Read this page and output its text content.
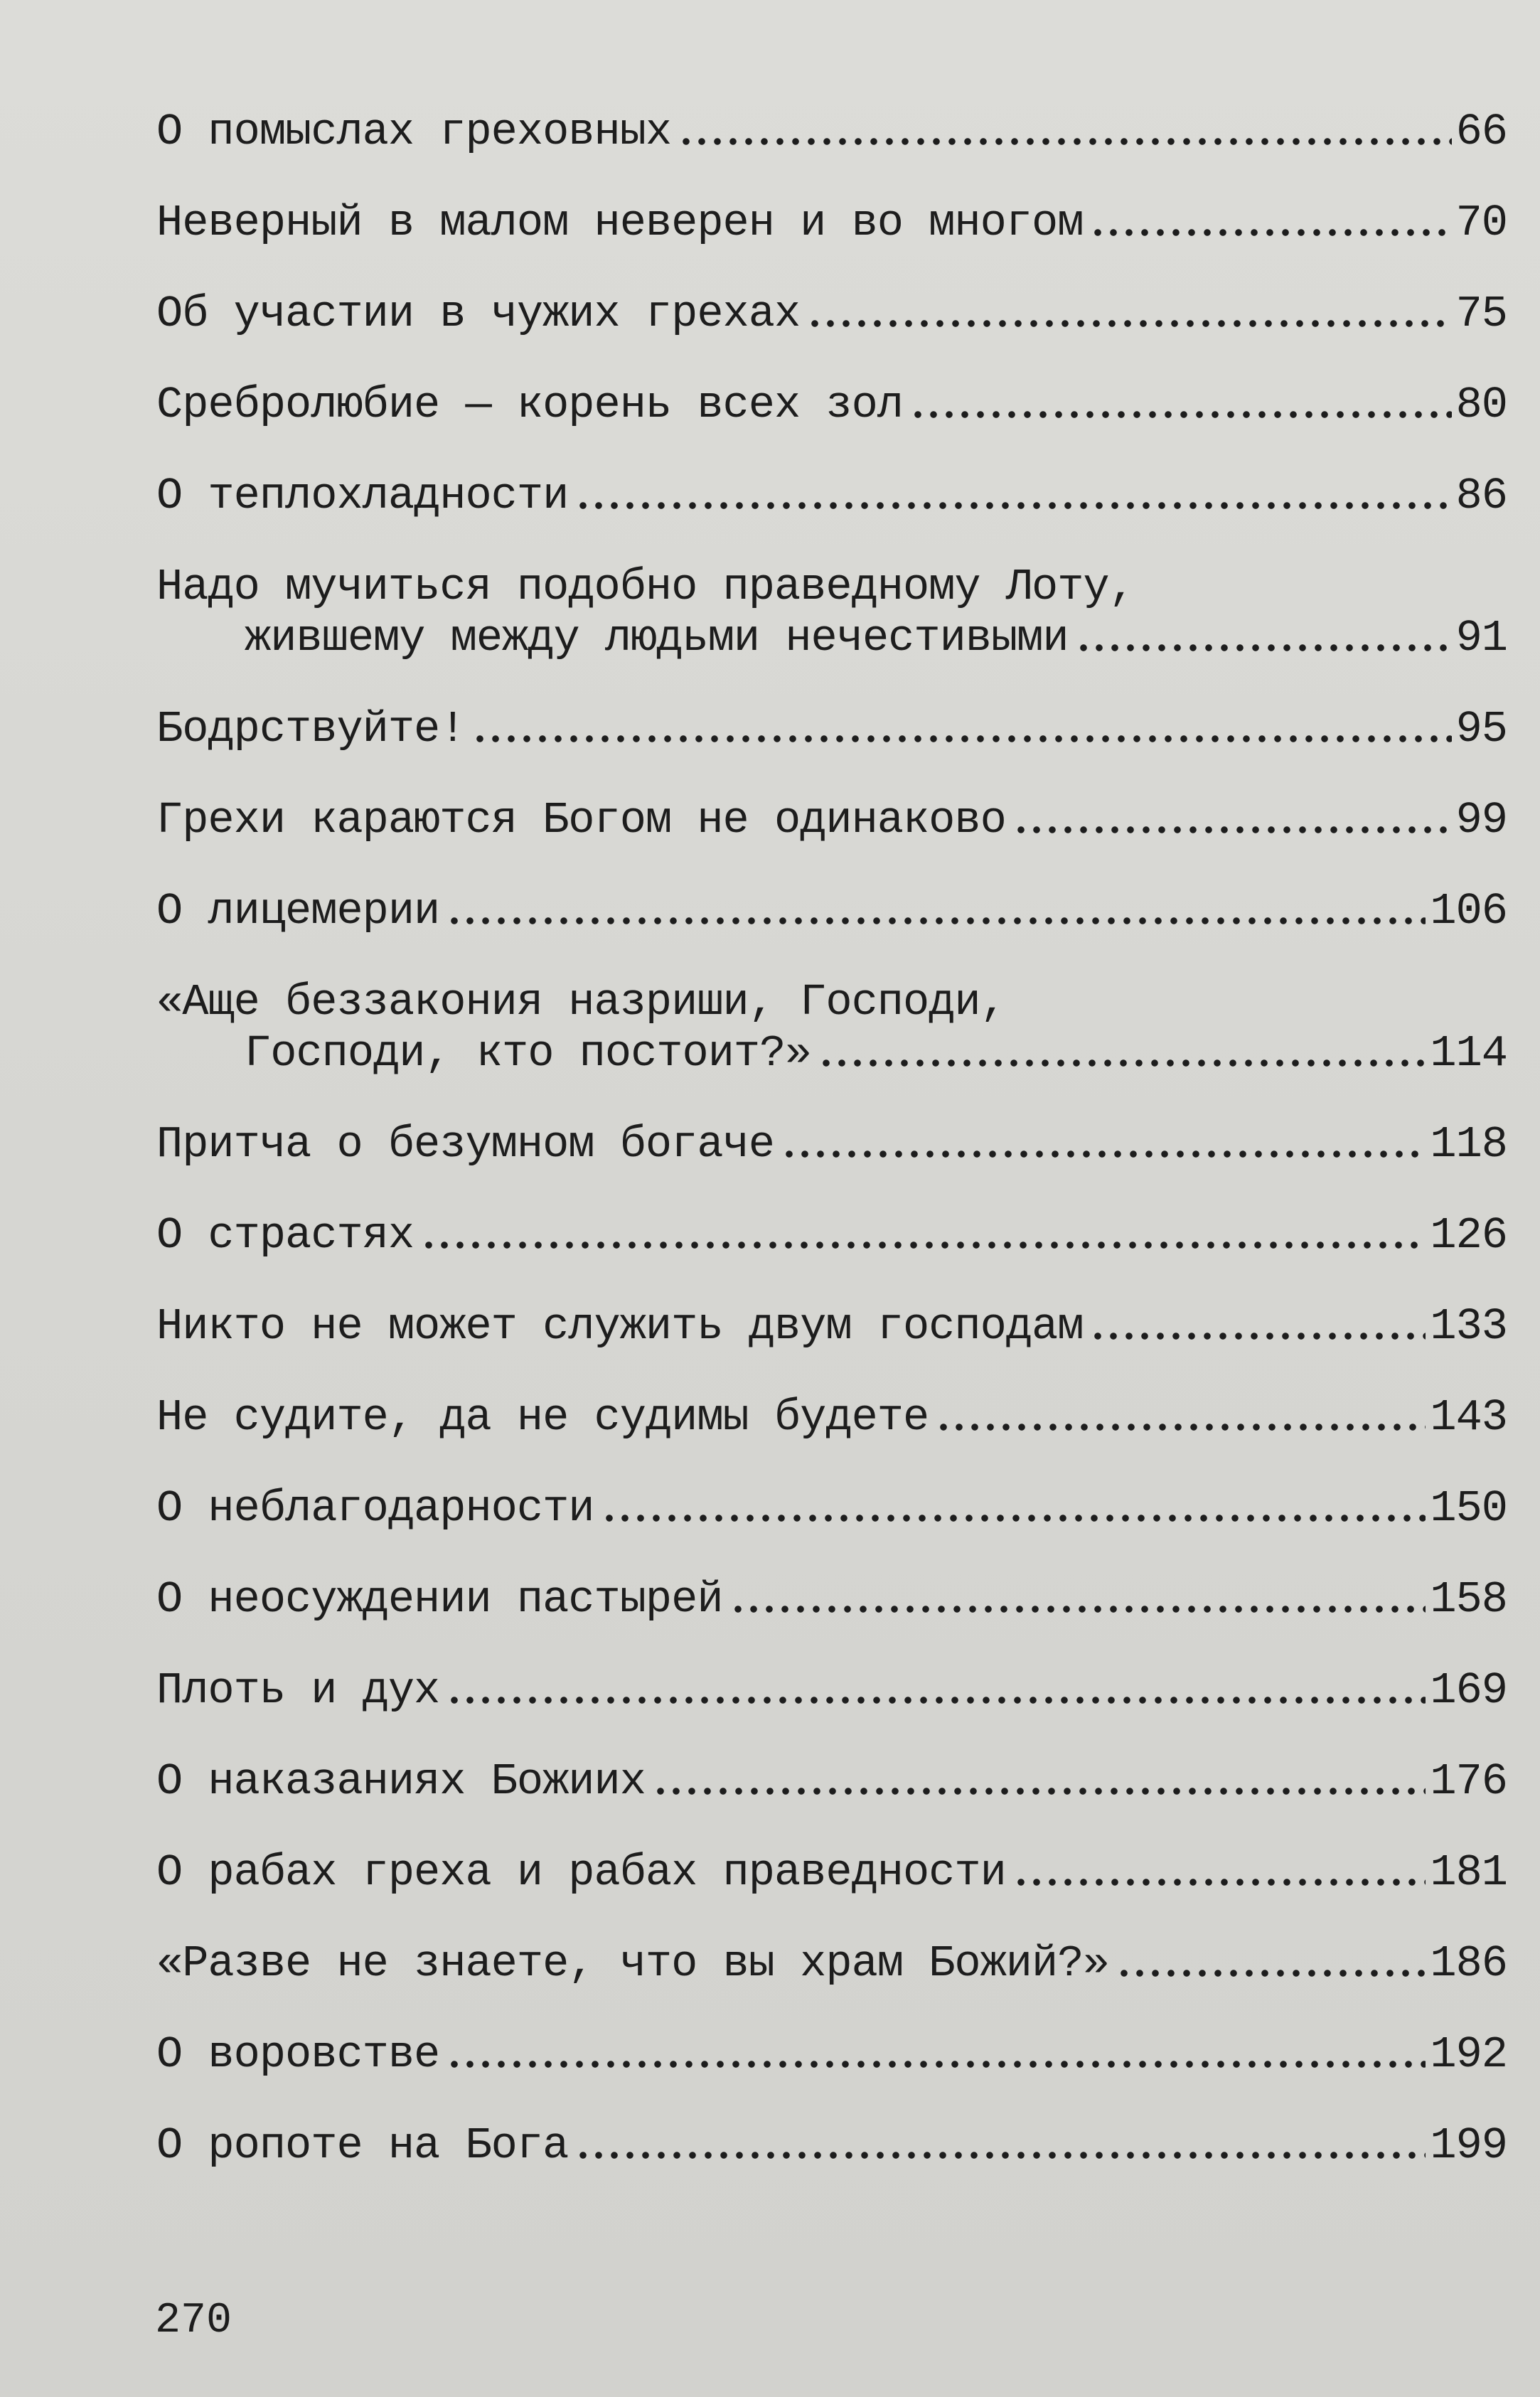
О помыслах греховных	66
Неверный в малом неверен и во многом	70
Об участии в чужих грехах	75
Сребролюбие — корень всех зол	80
О теплохладности	86
Надо мучиться подобно праведному Лоту,
жившему между людьми нечестивыми	91
Бодрствуйте!	95
Грехи караются Богом не одинаково	99
О лицемерии	106
«Аще беззакония назриши, Господи,
Господи, кто постоит?»	114
Притча о безумном богаче	118
О страстях	126
Никто не может служить двум господам	133
Не судите, да не судимы будете	143
О неблагодарности	150
О неосуждении пастырей	158
Плоть и дух	169
О наказаниях Божиих	176
О рабах греха и рабах праведности	181
«Разве не знаете, что вы храм Божий?»	186
О воровстве	192
О ропоте на Бога	199
270
